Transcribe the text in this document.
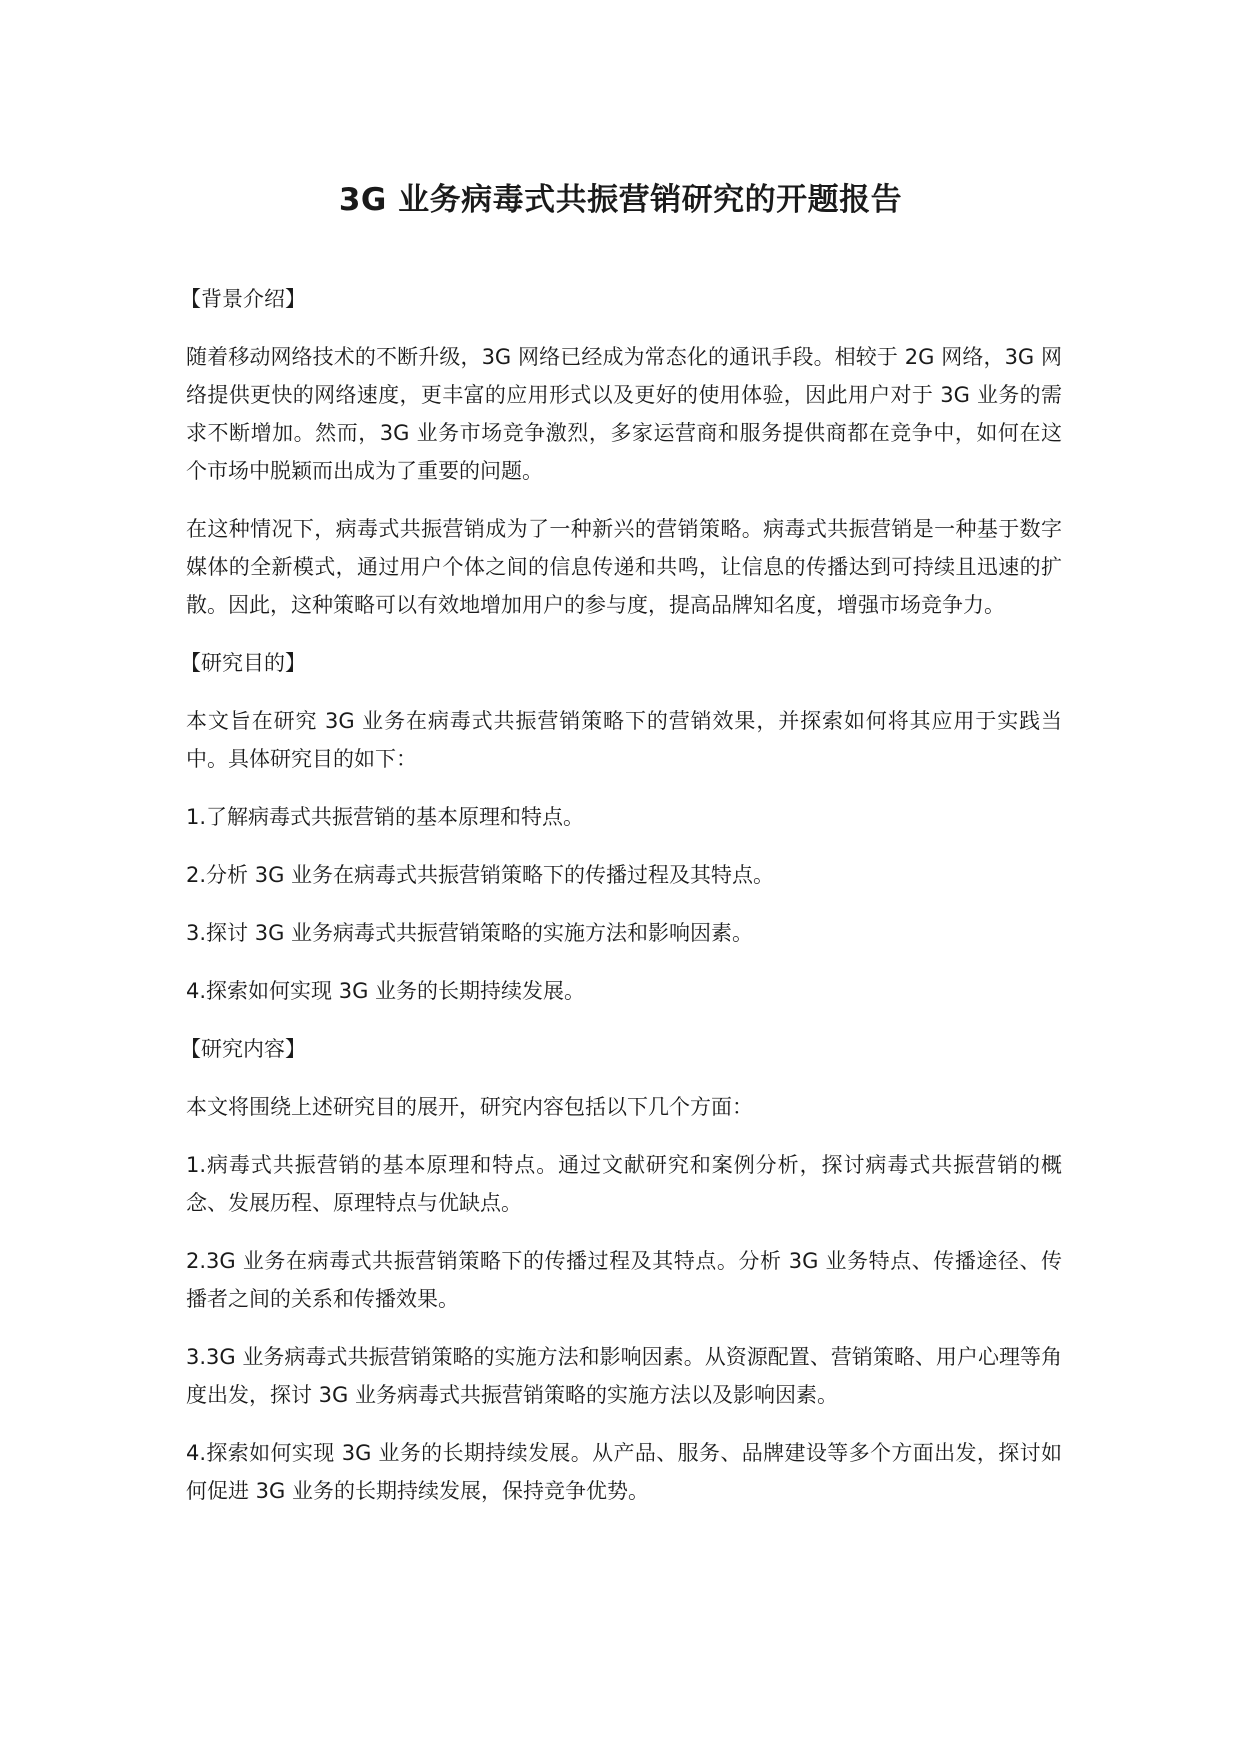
3G 业务病毒式共振营销研究的开题报告

【背景介绍】

随着移动网络技术的不断升级，3G 网络已经成为常态化的通讯手段。相较于 2G 网络，3G 网络提供更快的网络速度，更丰富的应用形式以及更好的使用体验，因此用户对于 3G 业务的需求不断增加。然而，3G 业务市场竞争激烈，多家运营商和服务提供商都在竞争中，如何在这个市场中脱颖而出成为了重要的问题。

在这种情况下，病毒式共振营销成为了一种新兴的营销策略。病毒式共振营销是一种基于数字媒体的全新模式，通过用户个体之间的信息传递和共鸣，让信息的传播达到可持续且迅速的扩散。因此，这种策略可以有效地增加用户的参与度，提高品牌知名度，增强市场竞争力。

【研究目的】

本文旨在研究 3G 业务在病毒式共振营销策略下的营销效果，并探索如何将其应用于实践当中。具体研究目的如下：

1.了解病毒式共振营销的基本原理和特点。

2.分析 3G 业务在病毒式共振营销策略下的传播过程及其特点。

3.探讨 3G 业务病毒式共振营销策略的实施方法和影响因素。

4.探索如何实现 3G 业务的长期持续发展。

【研究内容】

本文将围绕上述研究目的展开，研究内容包括以下几个方面：

1.病毒式共振营销的基本原理和特点。通过文献研究和案例分析，探讨病毒式共振营销的概念、发展历程、原理特点与优缺点。

2.3G 业务在病毒式共振营销策略下的传播过程及其特点。分析 3G 业务特点、传播途径、传播者之间的关系和传播效果。

3.3G 业务病毒式共振营销策略的实施方法和影响因素。从资源配置、营销策略、用户心理等角度出发，探讨 3G 业务病毒式共振营销策略的实施方法以及影响因素。

4.探索如何实现 3G 业务的长期持续发展。从产品、服务、品牌建设等多个方面出发，探讨如何促进 3G 业务的长期持续发展，保持竞争优势。
